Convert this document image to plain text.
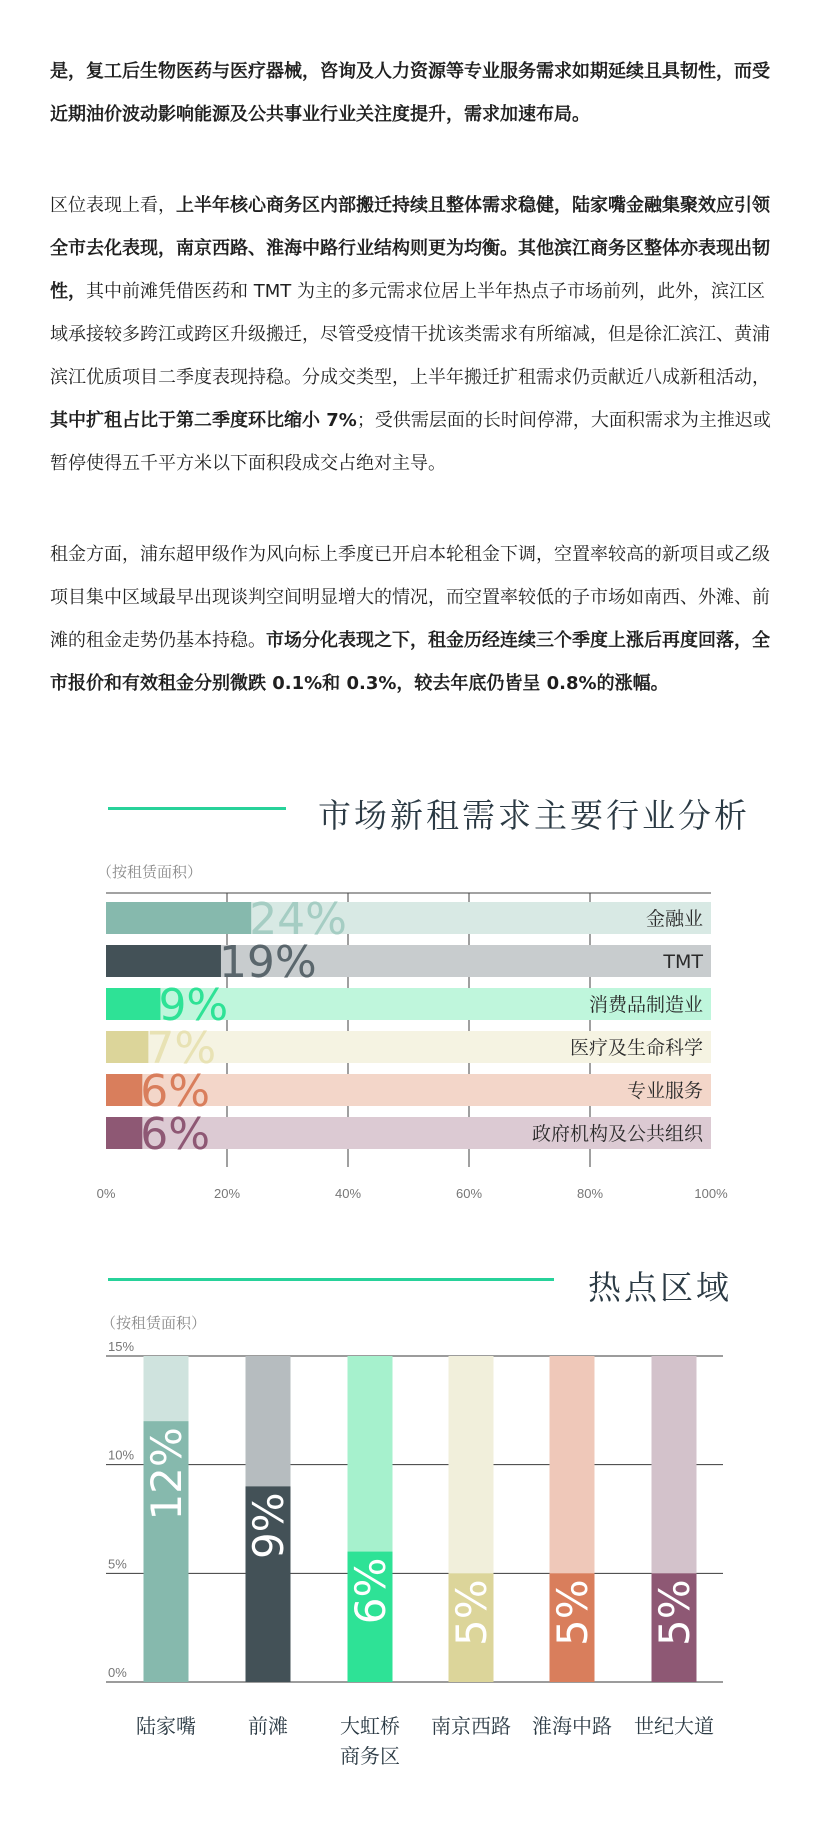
是，复工后生物医药与医疗器械，咨询及人力资源等专业服务需求如期延续且具韧性，而受近期油价波动影响能源及公共事业行业关注度提升，需求加速布局。

区位表现上看，上半年核心商务区内部搬迁持续且整体需求稳健，陆家嘴金融集聚效应引领全市去化表现，南京西路、淮海中路行业结构则更为均衡。其他滨江商务区整体亦表现出韧性，其中前滩凭借医药和 TMT 为主的多元需求位居上半年热点子市场前列，此外，滨江区域承接较多跨江或跨区升级搬迁，尽管受疫情干扰该类需求有所缩减，但是徐汇滨江、黄浦滨江优质项目二季度表现持稳。分成交类型，上半年搬迁扩租需求仍贡献近八成新租活动，其中扩租占比于第二季度环比缩小 7%；受供需层面的长时间停滞，大面积需求为主推迟或暂停使得五千平方米以下面积段成交占绝对主导。

租金方面，浦东超甲级作为风向标上季度已开启本轮租金下调，空置率较高的新项目或乙级项目集中区域最早出现谈判空间明显增大的情况，而空置率较低的子市场如南西、外滩、前滩的租金走势仍基本持稳。市场分化表现之下，租金历经连续三个季度上涨后再度回落，全市报价和有效租金分别微跌 0.1%和 0.3%，较去年底仍皆呈 0.8%的涨幅。

市场新租需求主要行业分析
（按租赁面积）
热点区域
（按租赁面积）
0%	20%	40%	60%	80%	100%
24%	金融业
19%	TMT
9%	消费品制造业
7%	医疗及生命科学
6%	专业服务
6%	政府机构及公共组织
0%
5%
10%
15%
12%
陆家嘴
9%
前滩
6%
大虹桥
商务区
5%
南京西路
5%
淮海中路
5%
世纪大道
